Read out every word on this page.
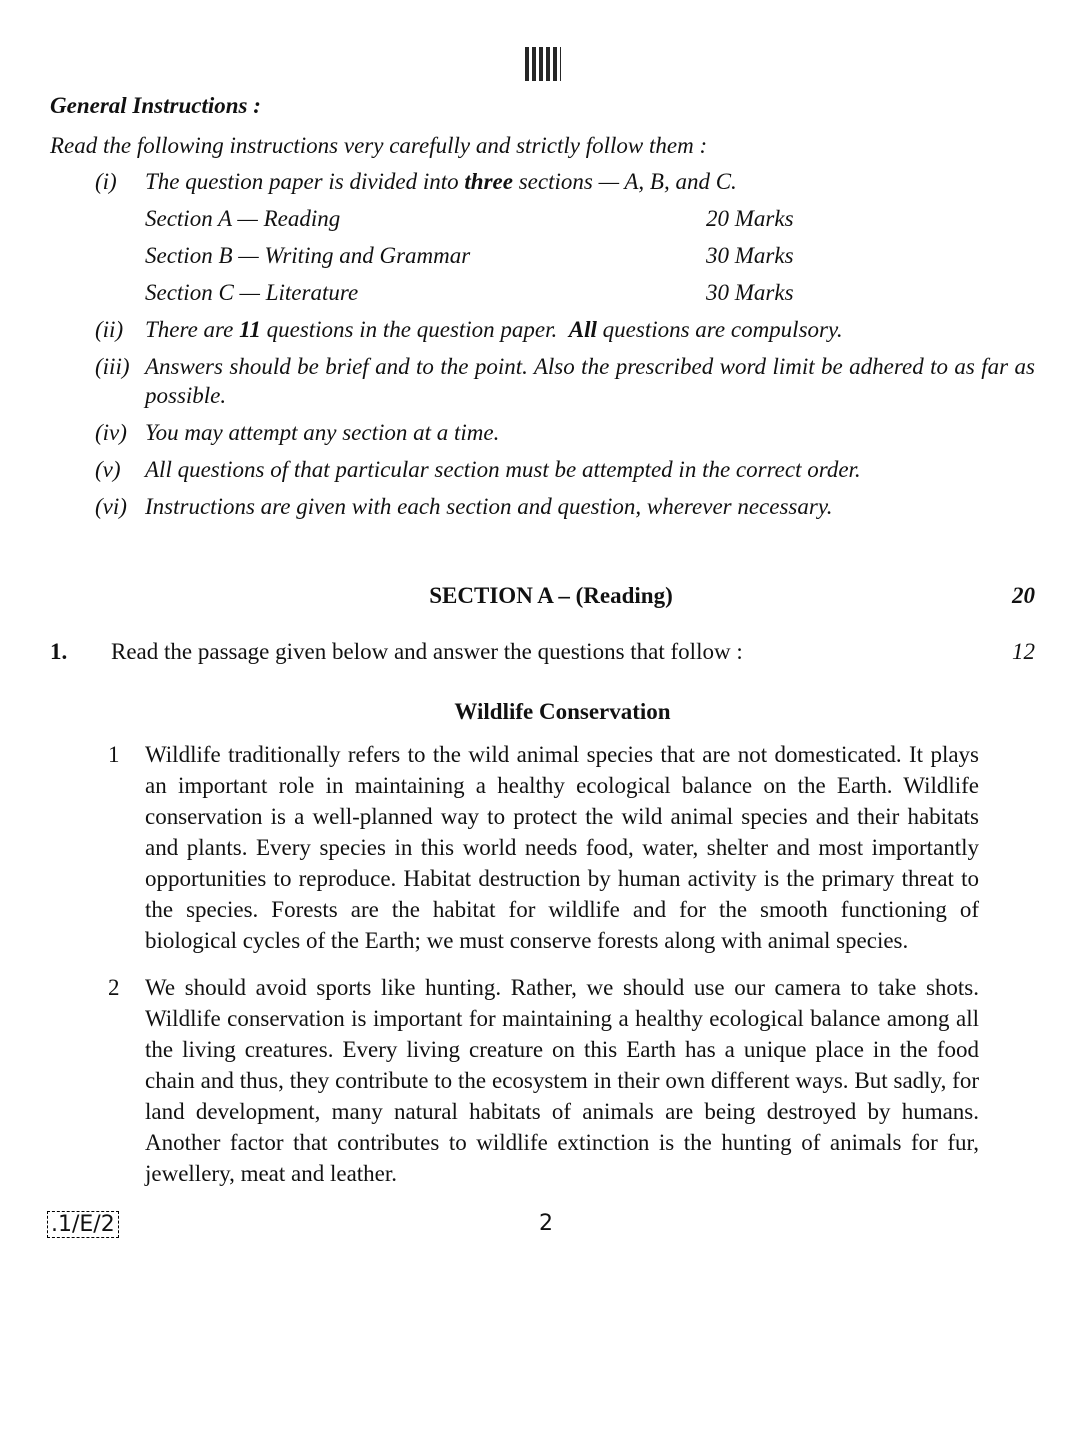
General Instructions :
Read the following instructions very carefully and strictly follow them :
(i) The question paper is divided into three sections — A, B, and C.
Section A — Reading	20 Marks
Section B — Writing and Grammar	30 Marks
Section C — Literature	30 Marks
(ii) There are 11 questions in the question paper.  All questions are compulsory.
(iii) Answers should be brief and to the point. Also the prescribed word limit be adhered to as far as possible.
(iv) You may attempt any section at a time.
(v) All questions of that particular section must be attempted in the correct order.
(vi) Instructions are given with each section and question, wherever necessary.
SECTION A – (Reading)	20
1.	Read the passage given below and answer the questions that follow :	12
Wildlife Conservation
1	Wildlife traditionally refers to the wild animal species that are not domesticated. It plays an important role in maintaining a healthy ecological balance on the Earth. Wildlife conservation is a well-planned way to protect the wild animal species and their habitats and plants. Every species in this world needs food, water, shelter and most importantly opportunities to reproduce. Habitat destruction by human activity is the primary threat to the species. Forests are the habitat for wildlife and for the smooth functioning of biological cycles of the Earth; we must conserve forests along with animal species.
2	We should avoid sports like hunting. Rather, we should use our camera to take shots. Wildlife conservation is important for maintaining a healthy ecological balance among all the living creatures. Every living creature on this Earth has a unique place in the food chain and thus, they contribute to the ecosystem in their own different ways. But sadly, for land development, many natural habitats of animals are being destroyed by humans. Another factor that contributes to wildlife extinction is the hunting of animals for fur, jewellery, meat and leather.
.1/E/2	2
